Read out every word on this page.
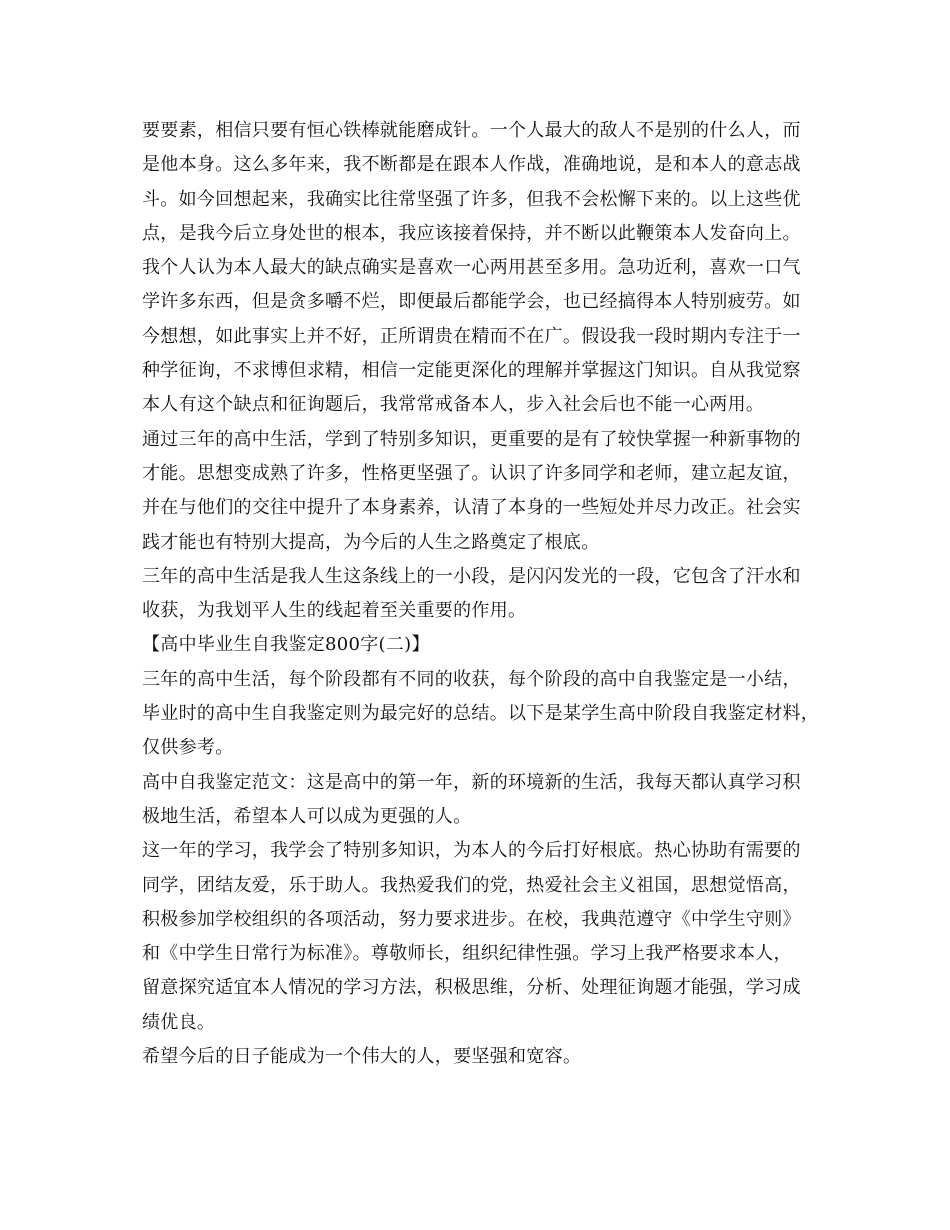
要要素，相信只要有恒心铁棒就能磨成针。一个人最大的敌人不是别的什么人，而
是他本身。这么多年来，我不断都是在跟本人作战，准确地说，是和本人的意志战
斗。如今回想起来，我确实比往常坚强了许多，但我不会松懈下来的。以上这些优
点，是我今后立身处世的根本，我应该接着保持，并不断以此鞭策本人发奋向上。
我个人认为本人最大的缺点确实是喜欢一心两用甚至多用。急功近利，喜欢一口气
学许多东西，但是贪多嚼不烂，即便最后都能学会，也已经搞得本人特别疲劳。如
今想想，如此事实上并不好，正所谓贵在精而不在广。假设我一段时期内专注于一
种学征询，不求博但求精，相信一定能更深化的理解并掌握这门知识。自从我觉察
本人有这个缺点和征询题后，我常常戒备本人，步入社会后也不能一心两用。
通过三年的高中生活，学到了特别多知识，更重要的是有了较快掌握一种新事物的
才能。思想变成熟了许多，性格更坚强了。认识了许多同学和老师，建立起友谊，
并在与他们的交往中提升了本身素养，认清了本身的一些短处并尽力改正。社会实
践才能也有特别大提高，为今后的人生之路奠定了根底。
三年的高中生活是我人生这条线上的一小段，是闪闪发光的一段，它包含了汗水和
收获，为我划平人生的线起着至关重要的作用。
【高中毕业生自我鉴定800字(二)】
三年的高中生活，每个阶段都有不同的收获，每个阶段的高中自我鉴定是一小结，
毕业时的高中生自我鉴定则为最完好的总结。以下是某学生高中阶段自我鉴定材料，
仅供参考。
高中自我鉴定范文：这是高中的第一年，新的环境新的生活，我每天都认真学习积
极地生活，希望本人可以成为更强的人。
这一年的学习，我学会了特别多知识，为本人的今后打好根底。热心协助有需要的
同学，团结友爱，乐于助人。我热爱我们的党，热爱社会主义祖国，思想觉悟高，
积极参加学校组织的各项活动，努力要求进步。在校，我典范遵守《中学生守则》
和《中学生日常行为标准》。尊敬师长，组织纪律性强。学习上我严格要求本人，
留意探究适宜本人情况的学习方法，积极思维，分析、处理征询题才能强，学习成
绩优良。
希望今后的日子能成为一个伟大的人，要坚强和宽容。
